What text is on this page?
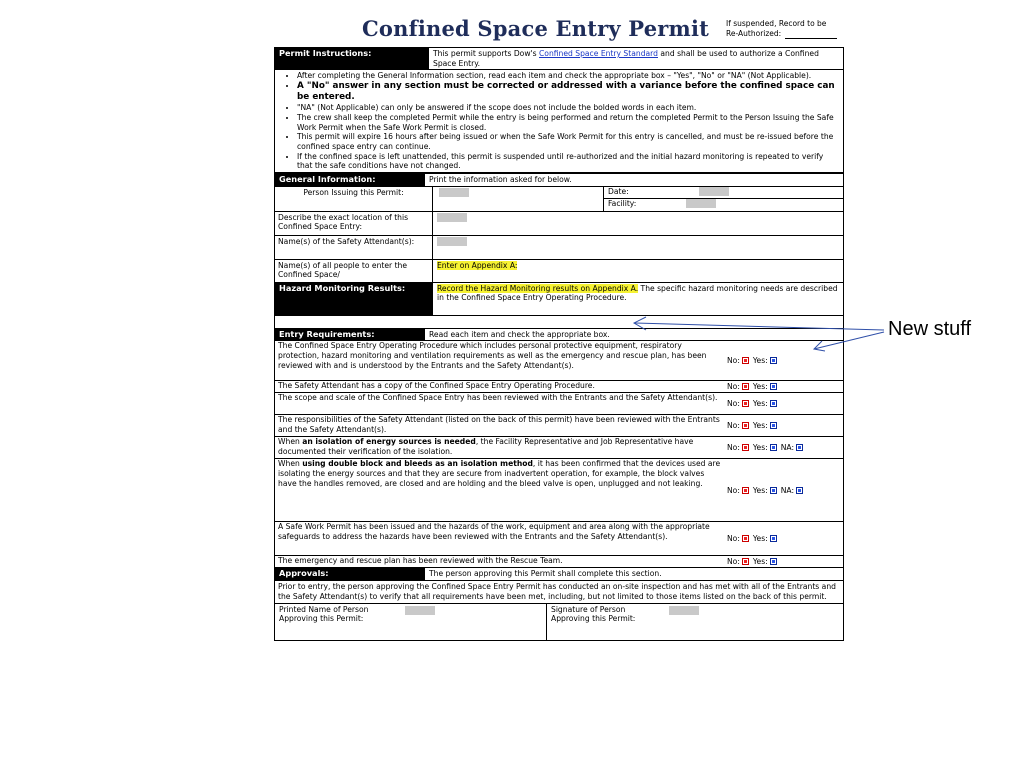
Confined Space Entry Permit If suspended, Record to be
Re-Authorized:
Permit Instructions:	This permit supports Dow's Confined Space Entry Standard and shall be used to authorize a Confined Space Entry.
• After completing the General Information section, read each item and check the appropriate box – "Yes", "No" or "NA" (Not Applicable).
• A "No" answer in any section must be corrected or addressed with a variance before the confined space can be entered.
• "NA" (Not Applicable) can only be answered if the scope does not include the bolded words in each item.
• The crew shall keep the completed Permit while the entry is being performed and return the completed Permit to the Person Issuing the Safe Work Permit when the Safe Work Permit is closed.
• This permit will expire 16 hours after being issued or when the Safe Work Permit for this entry is cancelled, and must be re-issued before the confined space entry can continue.
• If the confined space is left unattended, this permit is suspended until re-authorized and the initial hazard monitoring is repeated to verify that the safe conditions have not changed.
General Information:	Print the information asked for below.
Person Issuing this Permit:	Date:
Facility:
Describe the exact location of this Confined Space Entry:
Name(s) of the Safety Attendant(s):
Name(s) of all people to enter the Confined Space/
Enter on Appendix A:
Hazard Monitoring Results:	Record the Hazard Monitoring results on Appendix A. The specific hazard monitoring needs are described in the Confined Space Entry Operating Procedure.
Entry Requirements:	Read each item and check the appropriate box.
The Confined Space Entry Operating Procedure which includes personal protective equipment, respiratory protection, hazard monitoring and ventilation requirements as well as the emergency and rescue plan, has been reviewed with and is understood by the Entrants and the Safety Attendant(s).
No: Yes:
The Safety Attendant has a copy of the Confined Space Entry Operating Procedure.	No: Yes:
The scope and scale of the Confined Space Entry has been reviewed with the Entrants and the Safety Attendant(s).
No: Yes:
The responsibilities of the Safety Attendant (listed on the back of this permit) have been reviewed with the Entrants and the Safety Attendant(s).	No: Yes:
When an isolation of energy sources is needed, the Facility Representative and Job Representative have documented their verification of the isolation.	No: Yes: NA:
When using double block and bleeds as an isolation method, it has been confirmed that the devices used are isolating the energy sources and that they are secure from inadvertent operation, for example, the block valves have the handles removed, are closed and are holding and the bleed valve is open, unplugged and not leaking.
No: Yes: NA:
A Safe Work Permit has been issued and the hazards of the work, equipment and area along with the appropriate safeguards to address the hazards have been reviewed with the Entrants and the Safety Attendant(s).	No: Yes:
The emergency and rescue plan has been reviewed with the Rescue Team.	No: Yes:
Approvals:	The person approving this Permit shall complete this section.
Prior to entry, the person approving the Confined Space Entry Permit has conducted an on-site inspection and has met with all of the Entrants and the Safety Attendant(s) to verify that all requirements have been met, including, but not limited to those items listed on the back of this permit.
Printed Name of Person Approving this Permit:
Signature of Person Approving this Permit:
New stuff
